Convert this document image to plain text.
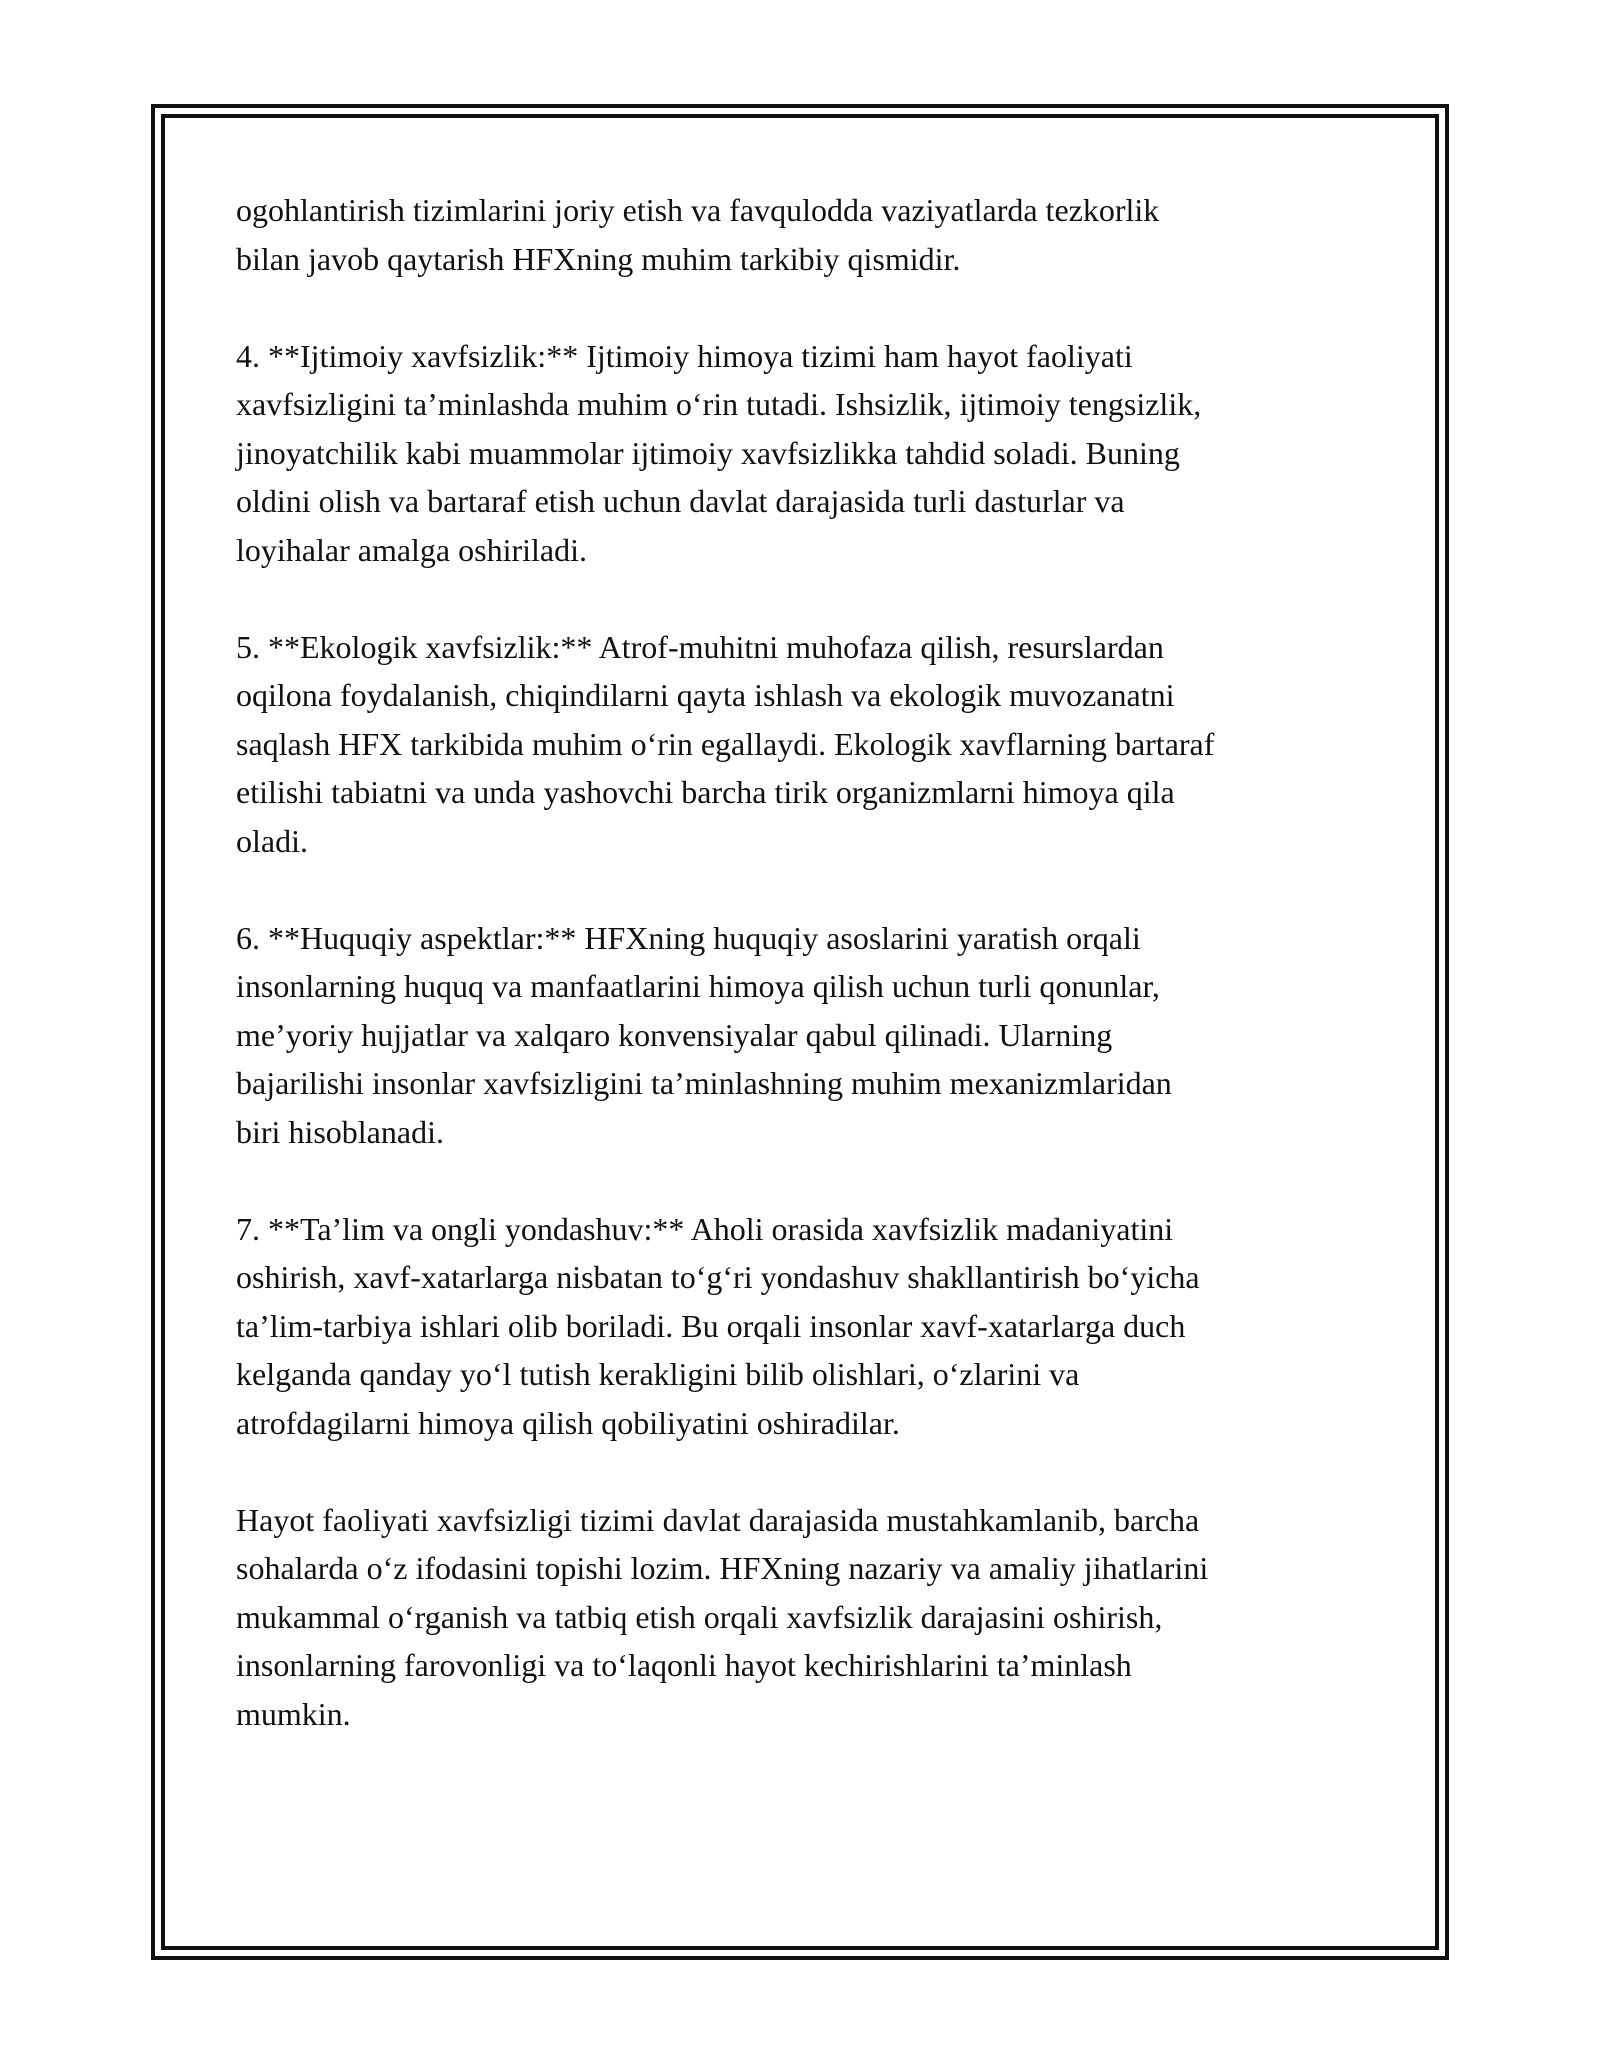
ogohlantirish tizimlarini joriy etish va favqulodda vaziyatlarda tezkorlik
bilan javob qaytarish HFXning muhim tarkibiy qismidir.

4. **Ijtimoiy xavfsizlik:** Ijtimoiy himoya tizimi ham hayot faoliyati
xavfsizligini ta’minlashda muhim o‘rin tutadi. Ishsizlik, ijtimoiy tengsizlik,
jinoyatchilik kabi muammolar ijtimoiy xavfsizlikka tahdid soladi. Buning
oldini olish va bartaraf etish uchun davlat darajasida turli dasturlar va
loyihalar amalga oshiriladi.

5. **Ekologik xavfsizlik:** Atrof-muhitni muhofaza qilish, resurslardan
oqilona foydalanish, chiqindilarni qayta ishlash va ekologik muvozanatni
saqlash HFX tarkibida muhim o‘rin egallaydi. Ekologik xavflarning bartaraf
etilishi tabiatni va unda yashovchi barcha tirik organizmlarni himoya qila
oladi.

6. **Huquqiy aspektlar:** HFXning huquqiy asoslarini yaratish orqali
insonlarning huquq va manfaatlarini himoya qilish uchun turli qonunlar,
me’yoriy hujjatlar va xalqaro konvensiyalar qabul qilinadi. Ularning
bajarilishi insonlar xavfsizligini ta’minlashning muhim mexanizmlaridan
biri hisoblanadi.

7. **Ta’lim va ongli yondashuv:** Aholi orasida xavfsizlik madaniyatini
oshirish, xavf-xatarlarga nisbatan to‘g‘ri yondashuv shakllantirish bo‘yicha
ta’lim-tarbiya ishlari olib boriladi. Bu orqali insonlar xavf-xatarlarga duch
kelganda qanday yo‘l tutish kerakligini bilib olishlari, o‘zlarini va
atrofdagilarni himoya qilish qobiliyatini oshiradilar.

Hayot faoliyati xavfsizligi tizimi davlat darajasida mustahkamlanib, barcha
sohalarda o‘z ifodasini topishi lozim. HFXning nazariy va amaliy jihatlarini
mukammal o‘rganish va tatbiq etish orqali xavfsizlik darajasini oshirish,
insonlarning farovonligi va to‘laqonli hayot kechirishlarini ta’minlash
mumkin.
